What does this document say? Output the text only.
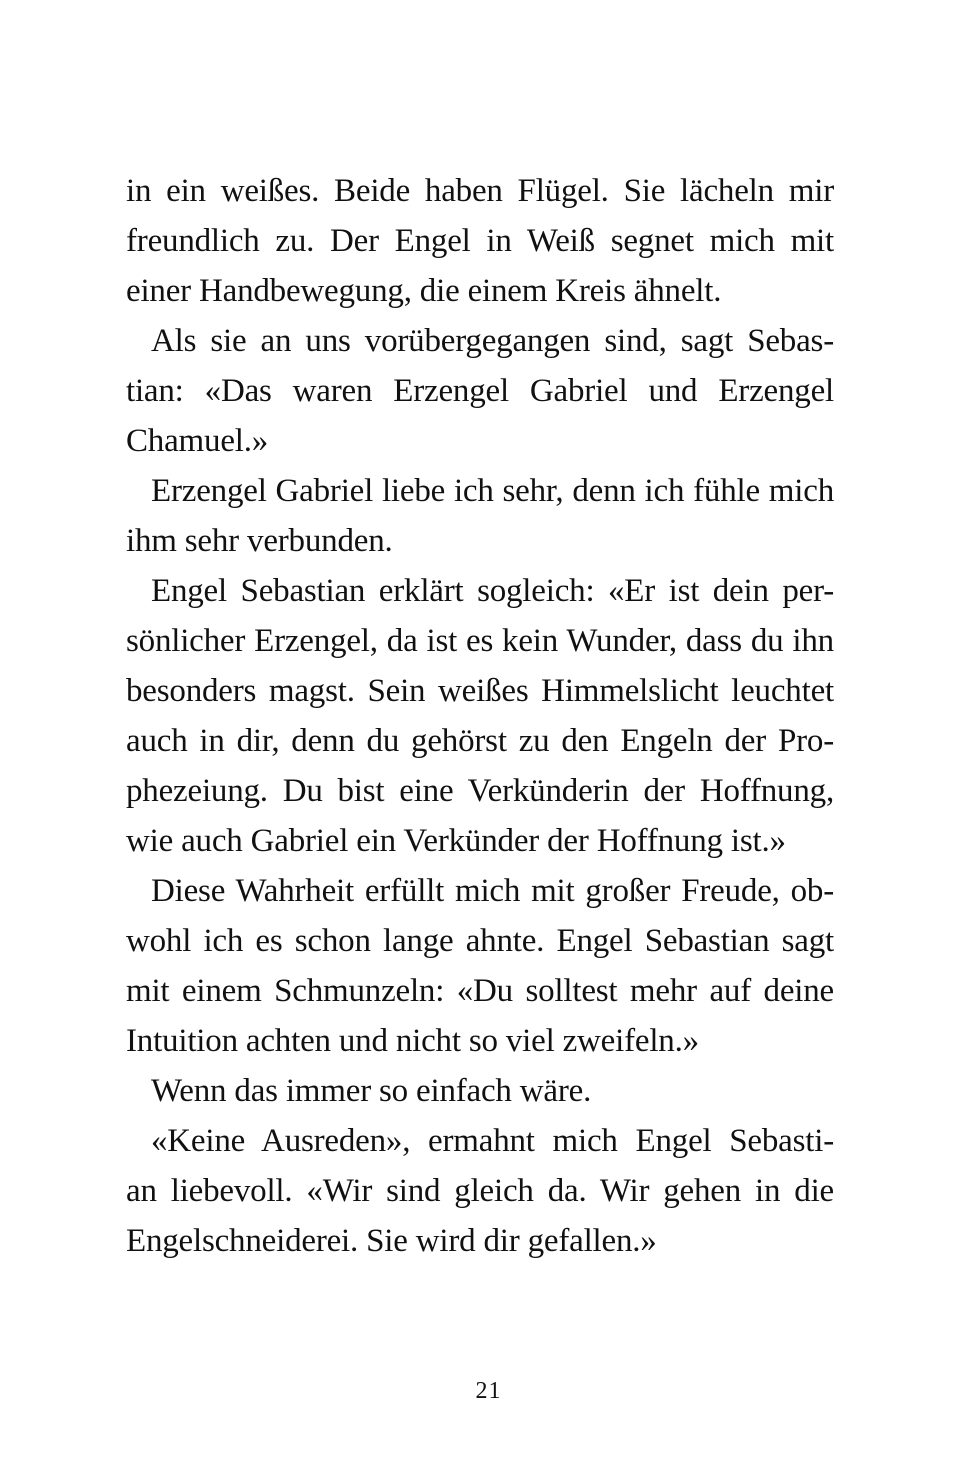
in ein weißes. Beide haben Flügel. Sie lächeln mir
freundlich zu. Der Engel in Weiß segnet mich mit
einer Handbewegung, die einem Kreis ähnelt.
Als sie an uns vorübergegangen sind, sagt Sebas-
tian: «Das waren Erzengel Gabriel und Erzengel
Chamuel.»
Erzengel Gabriel liebe ich sehr, denn ich fühle mich
ihm sehr verbunden.
Engel Sebastian erklärt sogleich: «Er ist dein per-
sönlicher Erzengel, da ist es kein Wunder, dass du ihn
besonders magst. Sein weißes Himmelslicht leuchtet
auch in dir, denn du gehörst zu den Engeln der Pro-
phezeiung. Du bist eine Verkünderin der Hoffnung,
wie auch Gabriel ein Verkünder der Hoffnung ist.»
Diese Wahrheit erfüllt mich mit großer Freude, ob-
wohl ich es schon lange ahnte. Engel Sebastian sagt
mit einem Schmunzeln: «Du solltest mehr auf deine
Intuition achten und nicht so viel zweifeln.»
Wenn das immer so einfach wäre.
«Keine Ausreden», ermahnt mich Engel Sebasti-
an liebevoll. «Wir sind gleich da. Wir gehen in die
Engelschneiderei. Sie wird dir gefallen.»
21
